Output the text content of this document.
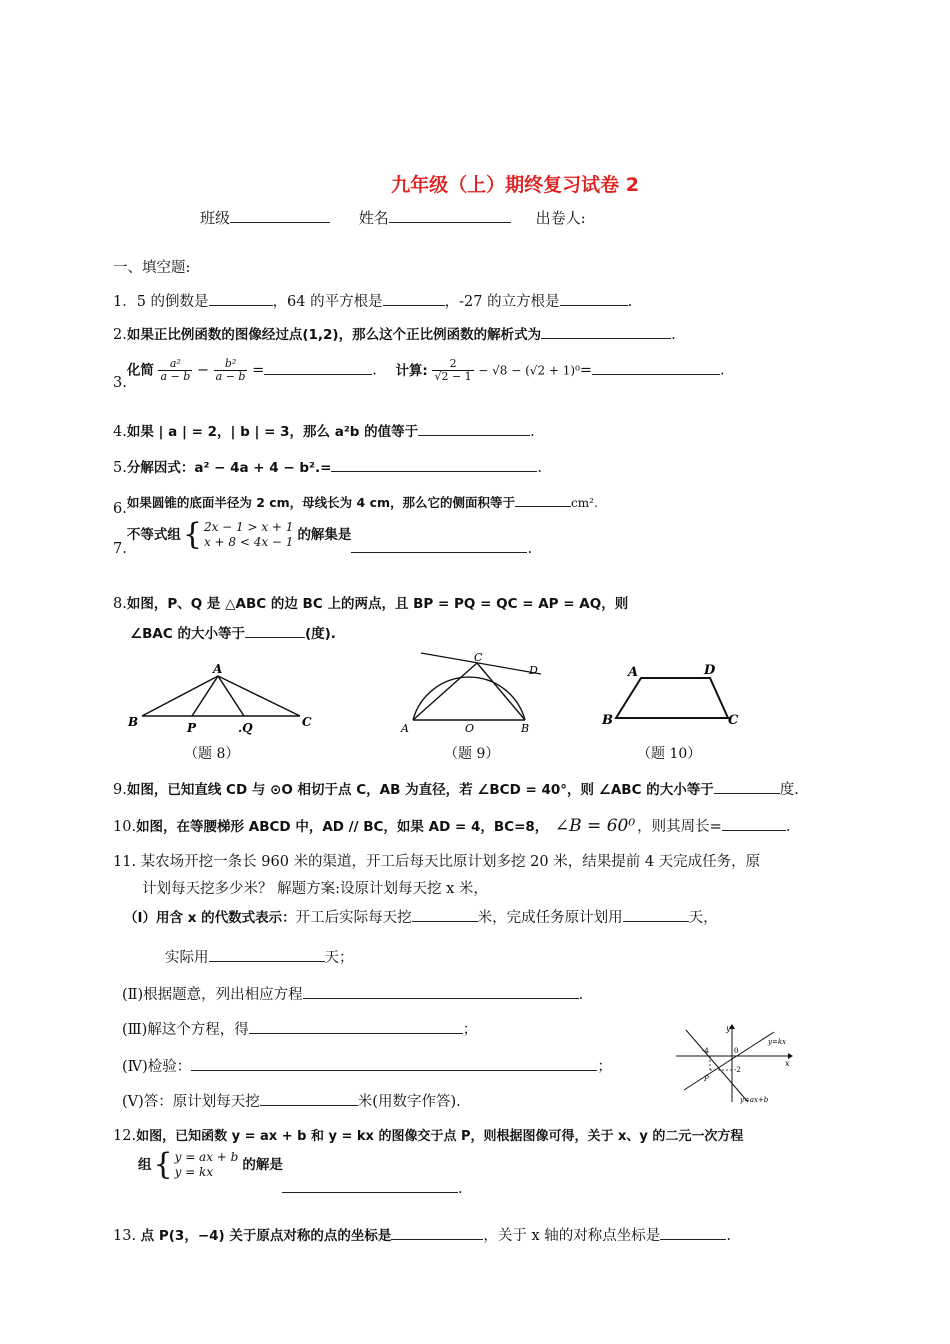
九年级（上）期终复习试卷 2
班级	姓名	出卷人:
一、填空题:
1．5 的倒数是	，64 的平方根是	，-27 的立方根是	.
2.如果正比例函数的图像经过点(1,2)，那么这个正比例函数的解析式为	.
3.化简 $\frac{\text{a²}}{a - b} - \frac{\text{b²}}{a - b}$ =	. 计算: $\frac{2}{√2 - 1} - √8 - (√2 + 1)^0=$	.
4.如果 | a | = 2，| b | = 3，那么 a²b 的值等于	.
5.分解因式：a² − 4a + 4 − b².=	.
6.如果圆锥的底面半径为 2 cm，母线长为 4 cm，那么它的侧面积等于	cm².
7.不等式组{ 2x − 1 > x + 1
x + 8 < 4x − 1 的解集是.
8.如图，P、Q 是 △ABC 的边 BC 上的两点，且 BP = PQ = QC = AP = AQ，则
∠BAC 的大小等于	(度).
A
B	P	.Q	C
（题 8）
A	O	B
C
D
（题 9）
A	D
B	C
（题 10）
9.如图，已知直线 CD 与 ⊙O 相切于点 C，AB 为直径，若 ∠BCD = 40°，则 ∠ABC 的大小等于	度.
10.如图，在等腰梯形 ABCD 中，AD // BC，如果 AD = 4，BC=8， ∠B = 60⁰ ，则其周长=	.
11. 某农场开挖一条长 960 米的渠道，开工后每天比原计划多挖 20 米，结果提前 4 天完成任务，原
计划每天挖多少米？ 解题方案:设原计划每天挖 x 米，
（Ⅰ）用含 x 的代数式表示：开工后实际每天挖	米，完成任务原计划用	天，
实际用	天；
(Ⅱ)根据题意，列出相应方程	.
(Ⅲ)解这个方程，得	；
(Ⅳ)检验：	；
(Ⅴ)答：原计划每天挖	米(用数字作答).
y
x
y=kx
y=ax+b
-4	0
-2
P
12.如图，已知函数 y = ax + b 和 y = kx 的图像交于点 P，则根据图像可得，关于 x、y 的二元一次方程
组{ y = ax + b
y = kx	的解是
.
13. 点 P(3，−4) 关于原点对称的点的坐标是	，关于 x 轴的对称点坐标是	.
